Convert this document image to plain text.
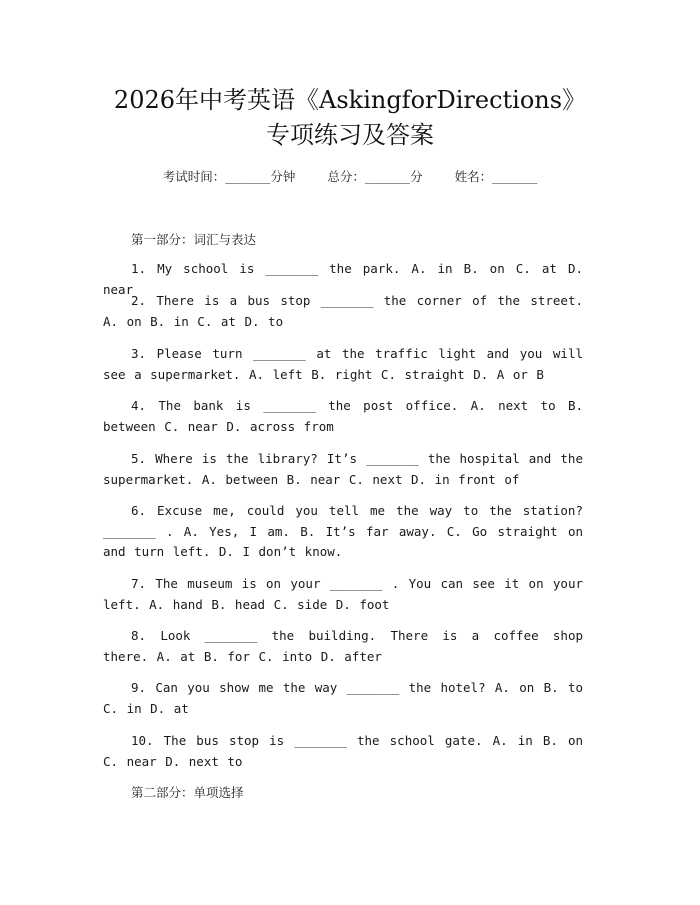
2026年中考英语《AskingforDirections》
专项练习及答案
考试时间：______分钟	总分：______分	姓名：______
第一部分：词汇与表达
1. My school is _______ the park. A. in B. on C. at D. near
2. There is a bus stop _______ the corner of the street. A. on B. in C. at D. to
3. Please turn _______ at the traffic light and you will see a supermarket. A. left B. right C. straight D. A or B
4. The bank is _______ the post office. A. next to B. between C. near D. across from
5. Where is the library? It’s _______ the hospital and the supermarket. A. between B. near C. next D. in front of
6. Excuse me, could you tell me the way to the station? _______ . A. Yes, I am. B. It’s far away. C. Go straight on and turn left. D. I don’t know.
7. The museum is on your _______ . You can see it on your left. A. hand B. head C. side D. foot
8. Look _______ the building. There is a coffee shop there. A. at B. for C. into D. after
9. Can you show me the way _______ the hotel? A. on B. to C. in D. at
10. The bus stop is _______ the school gate. A. in B. on C. near D. next to
第二部分：单项选择
